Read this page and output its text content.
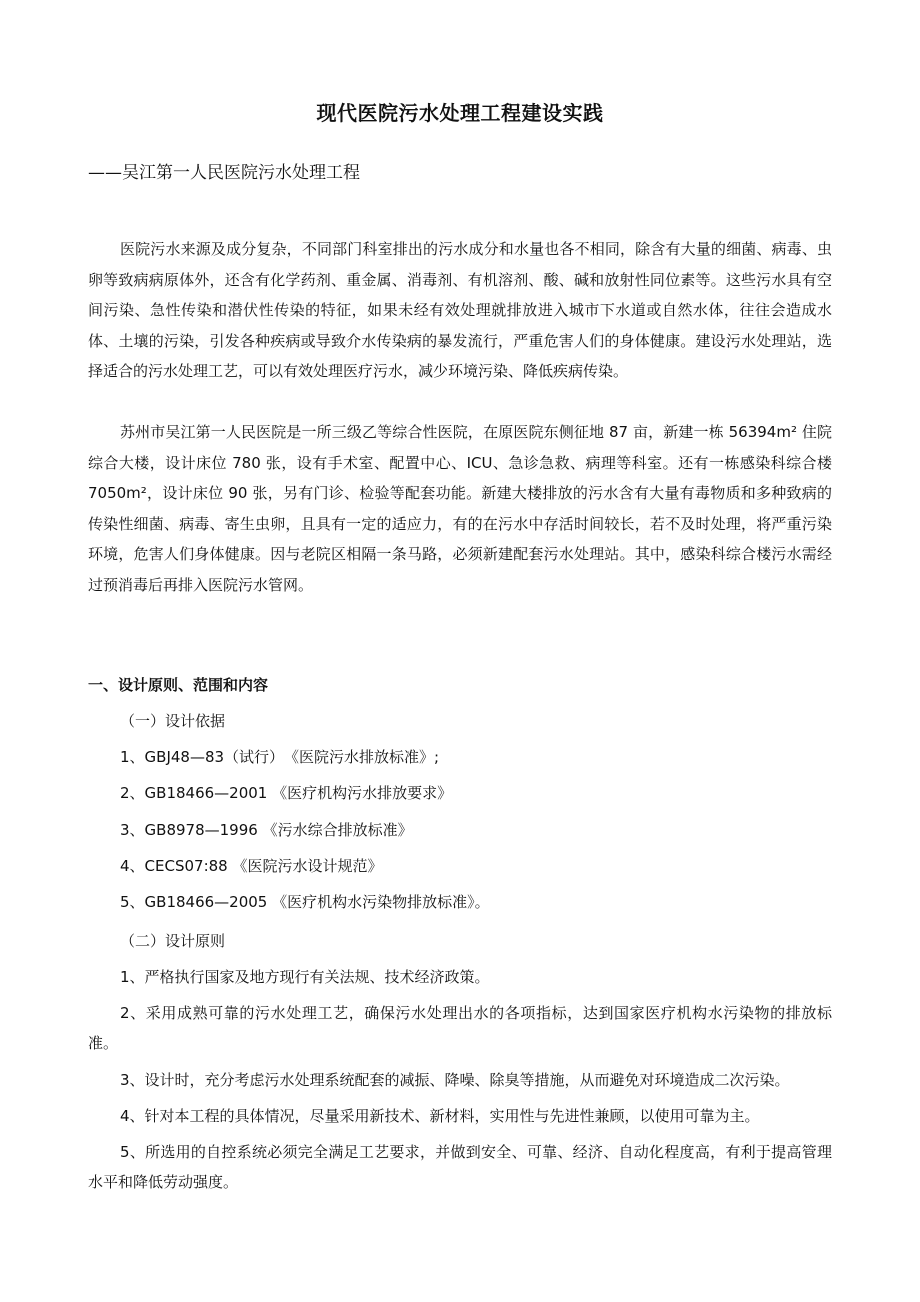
现代医院污水处理工程建设实践
——吴江第一人民医院污水处理工程

医院污水来源及成分复杂，不同部门科室排出的污水成分和水量也各不相同，除含有大量的细菌、病毒、虫卵等致病病原体外，还含有化学药剂、重金属、消毒剂、有机溶剂、酸、碱和放射性同位素等。这些污水具有空间污染、急性传染和潜伏性传染的特征，如果未经有效处理就排放进入城市下水道或自然水体，往往会造成水体、土壤的污染，引发各种疾病或导致介水传染病的暴发流行，严重危害人们的身体健康。建设污水处理站，选择适合的污水处理工艺，可以有效处理医疗污水，减少环境污染、降低疾病传染。

苏州市吴江第一人民医院是一所三级乙等综合性医院，在原医院东侧征地 87 亩，新建一栋 56394m² 住院综合大楼，设计床位 780 张，设有手术室、配置中心、ICU、急诊急救、病理等科室。还有一栋感染科综合楼 7050m²，设计床位 90 张，另有门诊、检验等配套功能。新建大楼排放的污水含有大量有毒物质和多种致病的传染性细菌、病毒、寄生虫卵，且具有一定的适应力，有的在污水中存活时间较长，若不及时处理，将严重污染环境，危害人们身体健康。因与老院区相隔一条马路，必须新建配套污水处理站。其中，感染科综合楼污水需经过预消毒后再排入医院污水管网。

一、设计原则、范围和内容
（一）设计依据
1、GBJ48—83（试行）　《医院污水排放标准》;
2、GB18466—2001 《医疗机构污水排放要求》
3、GB8978—1996 《污水综合排放标准》
4、CECS07:88 《医院污水设计规范》
5、GB18466—2005 《医疗机构水污染物排放标准》。
（二）设计原则
1、严格执行国家及地方现行有关法规、技术经济政策。
2、采用成熟可靠的污水处理工艺，确保污水处理出水的各项指标，达到国家医疗机构水污染物的排放标准。
3、设计时，充分考虑污水处理系统配套的减振、降噪、除臭等措施，从而避免对环境造成二次污染。
4、针对本工程的具体情况，尽量采用新技术、新材料，实用性与先进性兼顾，以使用可靠为主。
5、所选用的自控系统必须完全满足工艺要求，并做到安全、可靠、经济、自动化程度高，有利于提高管理水平和降低劳动强度。
